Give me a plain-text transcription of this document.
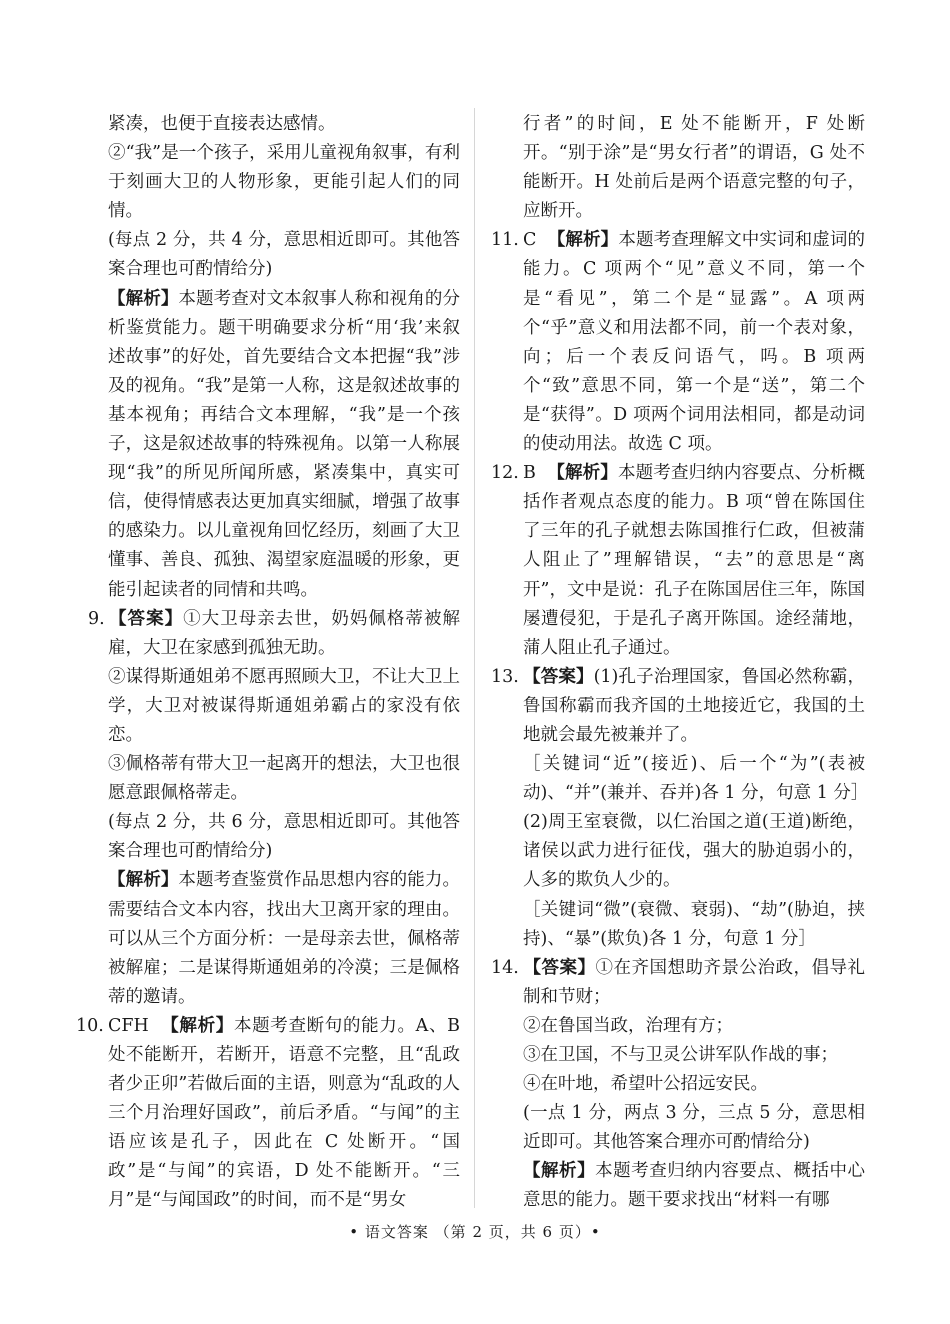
紧凑，也便于直接表达感情。

②“我”是一个孩子，采用儿童视角叙事，有利于刻画大卫的人物形象，更能引起人们的同情。

(每点 2 分，共 4 分，意思相近即可。其他答案合理也可酌情给分)

【解析】本题考查对文本叙事人称和视角的分析鉴赏能力。题干明确要求分析“用‘我’来叙述故事”的好处，首先要结合文本把握“我”涉及的视角。“我”是第一人称，这是叙述故事的基本视角；再结合文本理解，“我”是一个孩子，这是叙述故事的特殊视角。以第一人称展现“我”的所见所闻所感，紧凑集中，真实可信，使得情感表达更加真实细腻，增强了故事的感染力。以儿童视角回忆经历，刻画了大卫懂事、善良、孤独、渴望家庭温暖的形象，更能引起读者的同情和共鸣。

9. 【答案】①大卫母亲去世，奶妈佩格蒂被解雇，大卫在家感到孤独无助。

②谋得斯通姐弟不愿再照顾大卫，不让大卫上学，大卫对被谋得斯通姐弟霸占的家没有依恋。

③佩格蒂有带大卫一起离开的想法，大卫也很愿意跟佩格蒂走。

(每点 2 分，共 6 分，意思相近即可。其他答案合理也可酌情给分)

【解析】本题考查鉴赏作品思想内容的能力。需要结合文本内容，找出大卫离开家的理由。可以从三个方面分析：一是母亲去世，佩格蒂被解雇；二是谋得斯通姐弟的冷漠；三是佩格蒂的邀请。

10. CFH 【解析】本题考查断句的能力。A、B处不能断开，若断开，语意不完整，且“乱政者少正卯”若做后面的主语，则意为“乱政的人三个月治理好国政”，前后矛盾。“与闻”的主语应该是孔子，因此在 C 处断开。“国政”是“与闻”的宾语，D 处不能断开。“三月”是“与闻国政”的时间，而不是“男女

行者”的时间，E 处不能断开，F 处断开。“别于涂”是“男女行者”的谓语，G 处不能断开。H 处前后是两个语意完整的句子，应断开。

11. C 【解析】本题考查理解文中实词和虚词的能力。C 项两个“见”意义不同，第一个是“看见”，第二个是“显露”。A 项两个“乎”意义和用法都不同，前一个表对象，向；后一个表反问语气，吗。B 项两个“致”意思不同，第一个是“送”，第二个是“获得”。D 项两个词用法相同，都是动词的使动用法。故选 C 项。

12. B 【解析】本题考查归纳内容要点、分析概括作者观点态度的能力。B 项“曾在陈国住了三年的孔子就想去陈国推行仁政，但被蒲人阻止了”理解错误，“去”的意思是“离开”，文中是说：孔子在陈国居住三年，陈国屡遭侵犯，于是孔子离开陈国。途经蒲地，蒲人阻止孔子通过。

13. 【答案】(1)孔子治理国家，鲁国必然称霸，鲁国称霸而我齐国的土地接近它，我国的土地就会最先被兼并了。

［关键词“近”(接近)、后一个“为”(表被动)、“并”(兼并、吞并)各 1 分，句意 1 分］

(2)周王室衰微，以仁治国之道(王道)断绝，诸侯以武力进行征伐，强大的胁迫弱小的，人多的欺负人少的。

［关键词“微”(衰微、衰弱)、“劫”(胁迫，挟持)、“暴”(欺负)各 1 分，句意 1 分］

14. 【答案】①在齐国想助齐景公治政，倡导礼制和节财；

②在鲁国当政，治理有方；

③在卫国，不与卫灵公讲军队作战的事；

④在叶地，希望叶公招远安民。

(一点 1 分，两点 3 分，三点 5 分，意思相近即可。其他答案合理亦可酌情给分)

【解析】本题考查归纳内容要点、概括中心意思的能力。题干要求找出“材料一有哪

• 语文答案 （第 2 页，共 6 页）•
